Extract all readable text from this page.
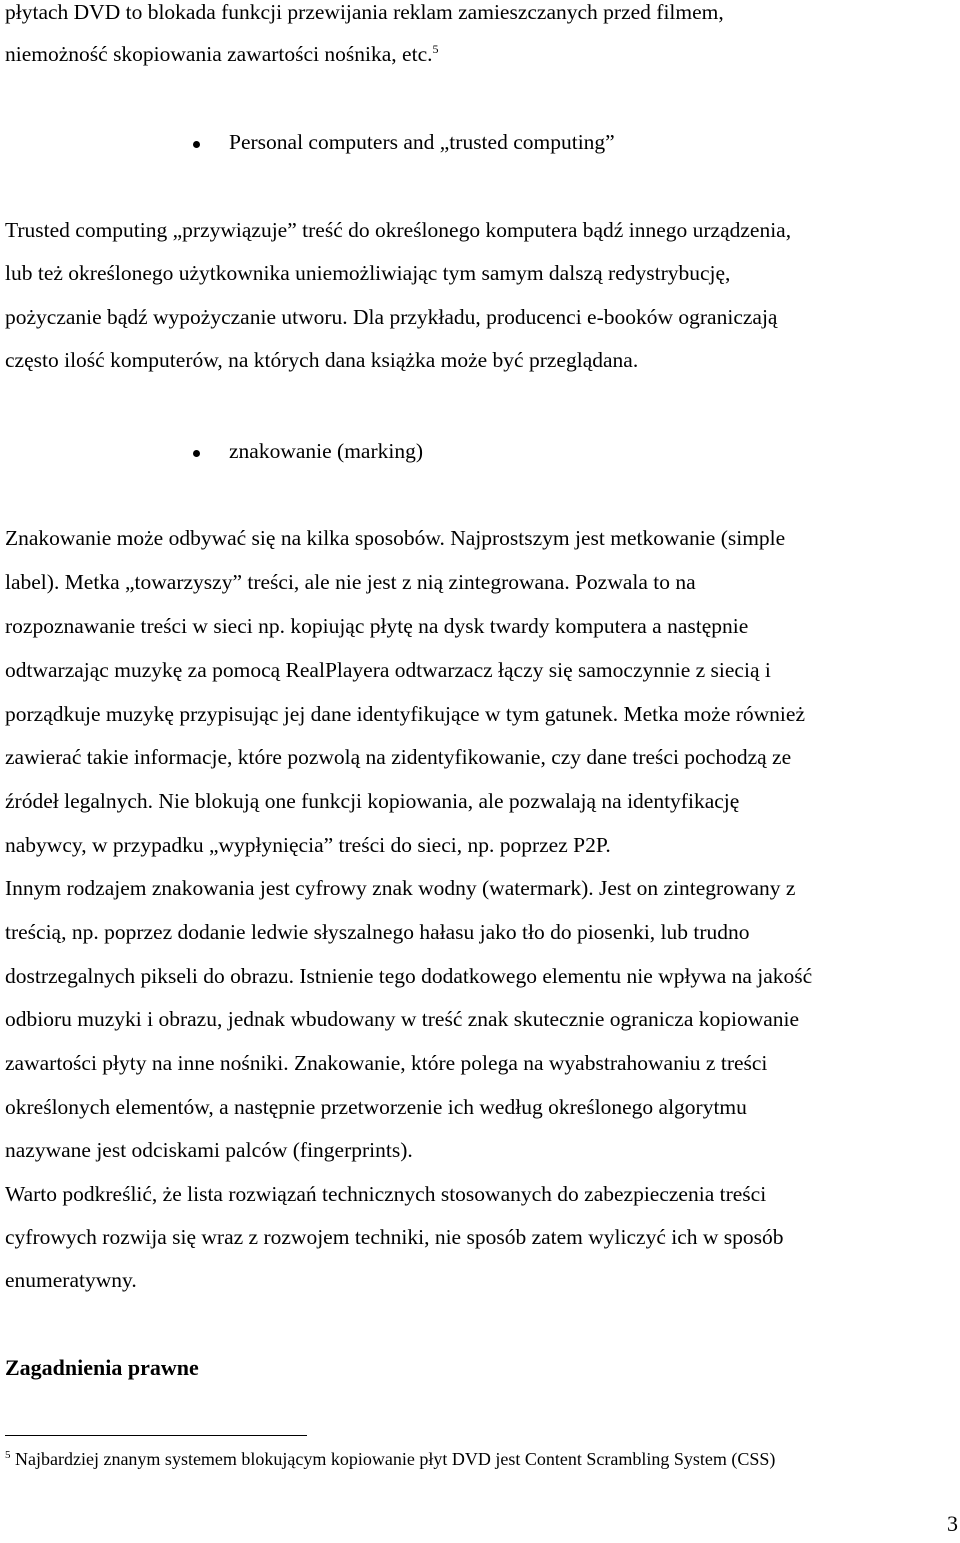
płytach DVD to blokada funkcji przewijania reklam zamieszczanych przed filmem,
niemożność skopiowania zawartości nośnika, etc.$^5$
Personal computers and „trusted computing”
Trusted computing „przywiązuje” treść do określonego komputera bądź innego urządzenia,
lub też określonego użytkownika uniemożliwiając tym samym dalszą redystrybucję,
pożyczanie bądź wypożyczanie utworu. Dla przykładu, producenci e-booków ograniczają
często ilość komputerów, na których dana książka może być przeglądana.
znakowanie (marking)
Znakowanie może odbywać się na kilka sposobów. Najprostszym jest metkowanie (simple
label). Metka „towarzyszy” treści, ale nie jest z nią zintegrowana. Pozwala to na
rozpoznawanie treści w sieci np. kopiując płytę na dysk twardy komputera a następnie
odtwarzając muzykę za pomocą RealPlayera odtwarzacz łączy się samoczynnie z siecią i
porządkuje muzykę przypisując jej dane identyfikujące w tym gatunek. Metka może również
zawierać takie informacje, które pozwolą na zidentyfikowanie, czy dane treści pochodzą ze
źródeł legalnych. Nie blokują one funkcji kopiowania, ale pozwalają na identyfikację
nabywcy, w przypadku „wypłynięcia” treści do sieci, np. poprzez P2P.
Innym rodzajem znakowania jest cyfrowy znak wodny (watermark). Jest on zintegrowany z
treścią, np. poprzez dodanie ledwie słyszalnego hałasu jako tło do piosenki, lub trudno
dostrzegalnych pikseli do obrazu. Istnienie tego dodatkowego elementu nie wpływa na jakość
odbioru muzyki i obrazu, jednak wbudowany w treść znak skutecznie ogranicza kopiowanie
zawartości płyty na inne nośniki. Znakowanie, które polega na wyabstrahowaniu z treści
określonych elementów, a następnie przetworzenie ich według określonego algorytmu
nazywane jest odciskami palców (fingerprints).
Warto podkreślić, że lista rozwiązań technicznych stosowanych do zabezpieczenia treści
cyfrowych rozwija się wraz z rozwojem techniki, nie sposób zatem wyliczyć ich w sposób
enumeratywny.
Zagadnienia prawne
$^5$ Najbardziej znanym systemem blokującym kopiowanie płyt DVD jest Content Scrambling System (CSS)
3
